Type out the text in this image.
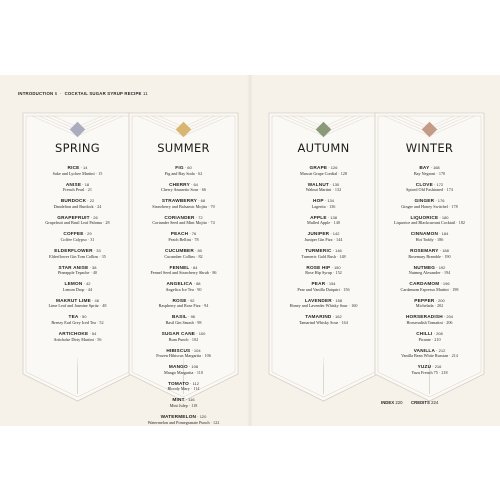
INTRODUCTION 6  ·  COCKTAIL SUGAR SYRUP RECIPE 11
SPRING
RICE · 14
Sake and Lychee Martini · 15
ANISE · 18
French Pearl · 21
BURDOCK · 22
Dandelion and Burdock · 24
GRAPEFRUIT · 26
Grapefruit and Basil Leaf Paloma · 28
COFFEE · 29
Coffee Calypso · 31
ELDERFLOWER · 33
Elderflower Gin Tom Collins · 35
STAR ANISE · 38
Pineapple Tepache · 40
LEMON · 42
Lemon Drop · 44
MAKRUT LIME · 46
Lime Leaf and Jasmine Spritz · 48
TEA · 50
Breezy Earl Grey Iced Tea · 52
ARTICHOKE · 54
Artichoke Dirty Martini · 56
SUMMER
FIG · 60
Fig and Bay Soda · 62
CHERRY · 64
Cherry Amaretto Sour · 66
STRAWBERRY · 68
Strawberry and Balsamic Mojito · 70
CORIANDER · 72
Coriander Seed and Mint Mojito · 74
PEACH · 76
Peach Bellini · 78
CUCUMBER · 80
Cucumber Collins · 82
FENNEL · 84
Fennel Seed and Strawberry Shrub · 86
ANGELICA · 88
Angelica Ice Tea · 90
ROSE · 92
Raspberry and Rose Fizz · 94
BASIL · 96
Basil Gin Smash · 98
SUGAR CANE · 100
Rum Punch · 102
HIBISCUS · 104
Frozen Hibiscus Margarita · 106
MANGO · 108
Mango Margarita · 110
TOMATO · 112
Bloody Mary · 114
MINT · 116
Mint Julep · 118
WATERMELON · 120
Watermelon and Pomegranate Punch · 122
AUTUMN
GRAPE · 126
Muscat Grape Cordial · 128
WALNUT · 130
Walnut Martini · 132
HOP · 134
Lagerita · 136
APPLE · 138
Mulled Apple · 140
JUNIPER · 142
Juniper Gin Fizz · 144
TURMERIC · 146
Turmeric Gold Rush · 148
ROSE HIP · 150
Rose Hip Syrup · 152
PEAR · 154
Pear and Vanilla Daiquiri · 156
LAVENDER · 158
Honey and Lavender Whisky Sour · 160
TAMARIND · 162
Tamarind Whisky Sour · 164
WINTER
BAY · 168
Bay Negroni · 170
CLOVE · 172
Spiced Old Fashioned · 174
GINGER · 176
Ginger and Honey Switchel · 178
LIQUORICE · 180
Liquorice and Blackcurrant Cocktail · 182
CINNAMON · 184
Hot Toddy · 186
ROSEMARY · 188
Rosemary Bramble · 190
NUTMEG · 192
Nutmeg Alexander · 194
CARDAMOM · 196
Cardamom Espresso Martini · 198
PEPPER · 200
Michelada · 202
HORSERADISH · 204
Horseradish Tomatini · 206
CHILLI · 208
Picante · 210
VANILLA · 212
Vanilla Bean White Russian · 214
YUZU · 216
Yuzu French 75 · 218
INDEX 220 CREDITS 224
